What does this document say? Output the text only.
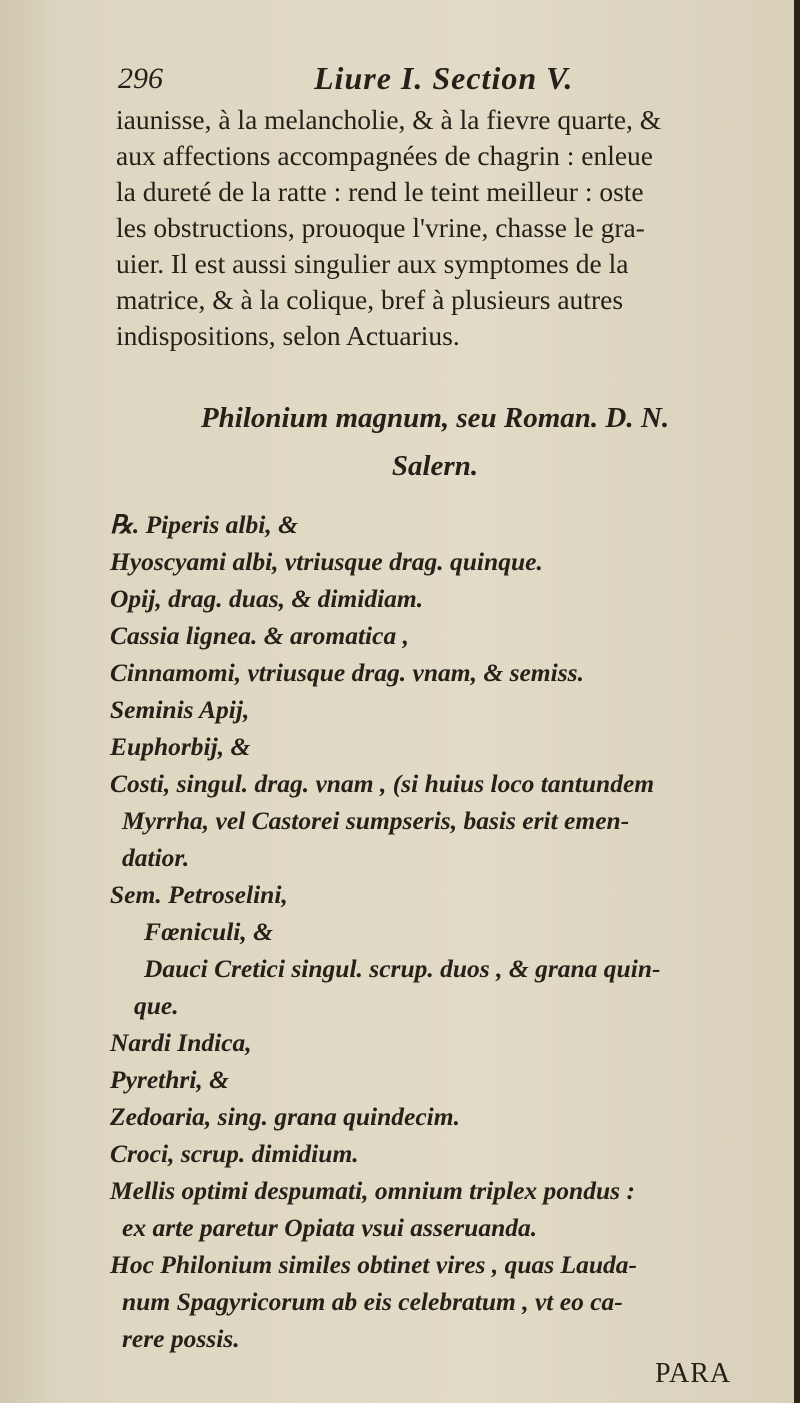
296	Liure I. Section V.
iaunisse, à la melancholie, & à la fievre quarte, &
aux affections accompagnées de chagrin : enleue
la dureté de la ratte : rend le teint meilleur : oste
les obstructions, prouoque l'vrine, chasse le gra-
uier. Il est aussi singulier aux symptomes de la
matrice, & à la colique, bref à plusieurs autres
indispositions, selon Actuarius.
Philonium magnum, seu Roman. D. N.
Salern.
℞. Piperis albi, &
Hyoscyami albi, vtriusque drag. quinque.
Opij, drag. duas, & dimidiam.
Cassia lignea. & aromatica ,
Cinnamomi, vtriusque drag. vnam, & semiss.
Seminis Apij,
Euphorbij, &
Costi, singul. drag. vnam , (si huius loco tantundem
Myrrha, vel Castorei sumpseris, basis erit emen-
datior.
Sem. Petroselini,
Fœniculi, &
Dauci Cretici singul. scrup. duos , & grana quin-
que.
Nardi Indica,
Pyrethri, &
Zedoaria, sing. grana quindecim.
Croci, scrup. dimidium.
Mellis optimi despumati, omnium triplex pondus :
ex arte paretur Opiata vsui asseruanda.
Hoc Philonium similes obtinet vires , quas Lauda-
num Spagyricorum ab eis celebratum , vt eo ca-
rere possis.
PARA
